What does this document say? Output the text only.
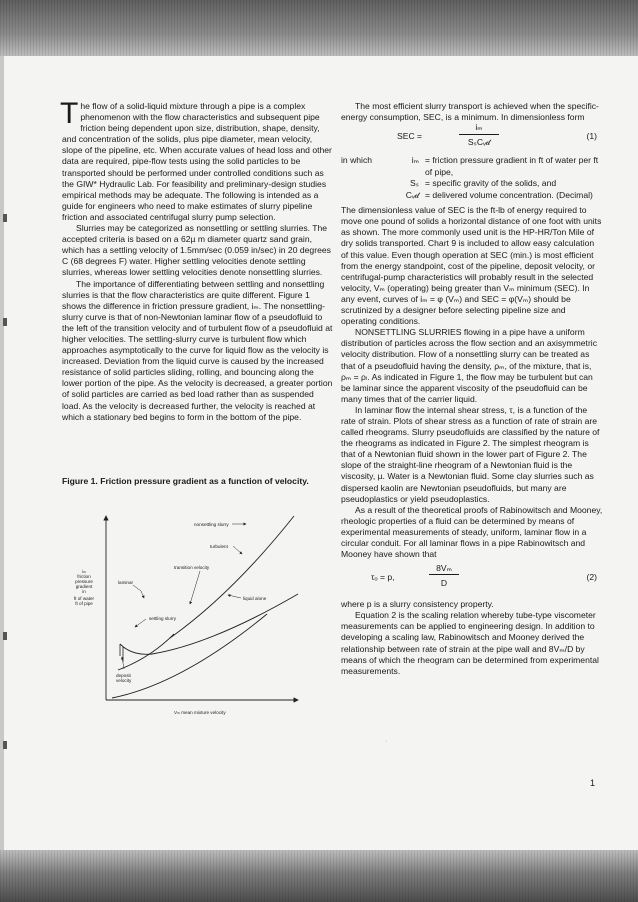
The flow of a solid-liquid mixture through a pipe is a complex phenomenon with the flow characteristics and subsequent pipe friction being dependent upon size, distribution, shape, density, and concentration of the solids, plus pipe diameter, mean velocity, slope of the pipeline, etc. When accurate values of head loss and other data are required, pipe-flow tests using the solid particles to be transported should be performed under controlled conditions such as the GIW* Hydraulic Lab. For feasibility and preliminary-design studies empirical methods may be adequate. The following is intended as a guide for engineers who need to make estimates of slurry pipeline friction and associated centrifugal slurry pump selection.

Slurries may be categorized as nonsettling or settling slurries. The accepted criteria is based on a 62µ m diameter quartz sand grain, which has a settling velocity of 1.5mm/sec (0.059 in/sec) in 20 degrees C (68 degrees F) water. Higher settling velocities denote settling slurries, whereas lower settling velocities denote nonsettling slurries.

The importance of differentiating between settling and nonsettling slurries is that the flow characteristics are quite different. Figure 1 shows the difference in friction pressure gradient, iₘ. The nonsettling-slurry curve is that of non-Newtonian laminar flow of a pseudofluid to the left of the transition velocity and of turbulent flow of a pseudofluid at higher velocities. The settling-slurry curve is turbulent flow which approaches asymptotically to the curve for liquid flow as the velocity is increased. Deviation from the liquid curve is caused by the increased resistance of solid particles sliding, rolling, and bouncing along the lower portion of the pipe. As the velocity is decreased, a greater portion of solid particles are carried as bed load rather than as suspended load. As the velocity is decreased further, the velocity is reached at which a stationary bed begins to form in the bottom of the pipe.

Figure 1. Friction pressure gradient as a function of velocity.
iₘ
friction
pressure
gradient
in
ft of water
ft of pipe
nonsettling slurry
turbulent
transition velocity
laminar
liquid alone
settling slurry
deposit
velocity
Vₘ mean mixture velocity

The most efficient slurry transport is achieved when the specific-energy consumption, SEC, is a minimum. In dimensionless form

SEC =
iₘ
SₛCᵥ𝒹
(1)
in which	iₘ = friction pressure gradient in ft of water per ft of pipe,
Sₛ = specific gravity of the solids, and
Cᵥ𝒹 = delivered volume concentration. (Decimal)

The dimensionless value of SEC is the ft-lb of energy required to move one pound of solids a horizontal distance of one foot with units as shown. The more commonly used unit is the HP-HR/Ton Mile of dry solids transported. Chart 9 is included to allow easy calculation of this value. Even though operation at SEC (min.) is most efficient from the energy standpoint, cost of the pipeline, deposit velocity, or centrifugal-pump characteristics will probably result in the selected velocity, Vₘ (operating) being greater than Vₘ minimum (SEC). In any event, curves of iₘ = φ (Vₘ) and SEC = φ(Vₘ) should be scrutinized by a designer before selecting pipeline size and operating conditions.

NONSETTLING SLURRIES flowing in a pipe have a uniform distribution of particles across the flow section and an axisymmetric velocity distribution. Flow of a nonsettling slurry can be treated as that of a pseudofluid having the density, ρₘ, of the mixture, that is, ρₘ = ρₗ. As indicated in Figure 1, the flow may be turbulent but can be laminar since the apparent viscosity of the pseudofluid can be many times that of the carrier liquid.

In laminar flow the internal shear stress, τ, is a function of the rate of strain. Plots of shear stress as a function of rate of strain are called rheograms. Slurry pseudofluids are classified by the nature of the rheograms as indicated in Figure 2. The simplest rheogram is that of a Newtonian fluid shown in the lower part of Figure 2. The slope of the straight-line rheogram of a Newtonian fluid is the viscosity, µ. Water is a Newtonian fluid. Some clay slurries such as dispersed kaolin are Newtonian pseudofluids, but many are pseudoplastics or yield pseudoplastics.

As a result of the theoretical proofs of Rabinowitsch and Mooney, rheologic properties of a fluid can be determined by means of experimental measurements of steady, uniform, laminar flow in a circular conduit. For all laminar flows in a pipe Rabinowitsch and Mooney have shown that

τₒ = p,
8Vₘ
D
(2)

where p is a slurry consistency property.

Equation 2 is the scaling relation whereby tube-type viscometer measurements can be applied to engineering design. In addition to developing a scaling law, Rabinowitsch and Mooney derived the relationship between rate of strain at the pipe wall and 8Vₘ/D by means of which the rheogram can be determined from experimental measurements.

·
1
